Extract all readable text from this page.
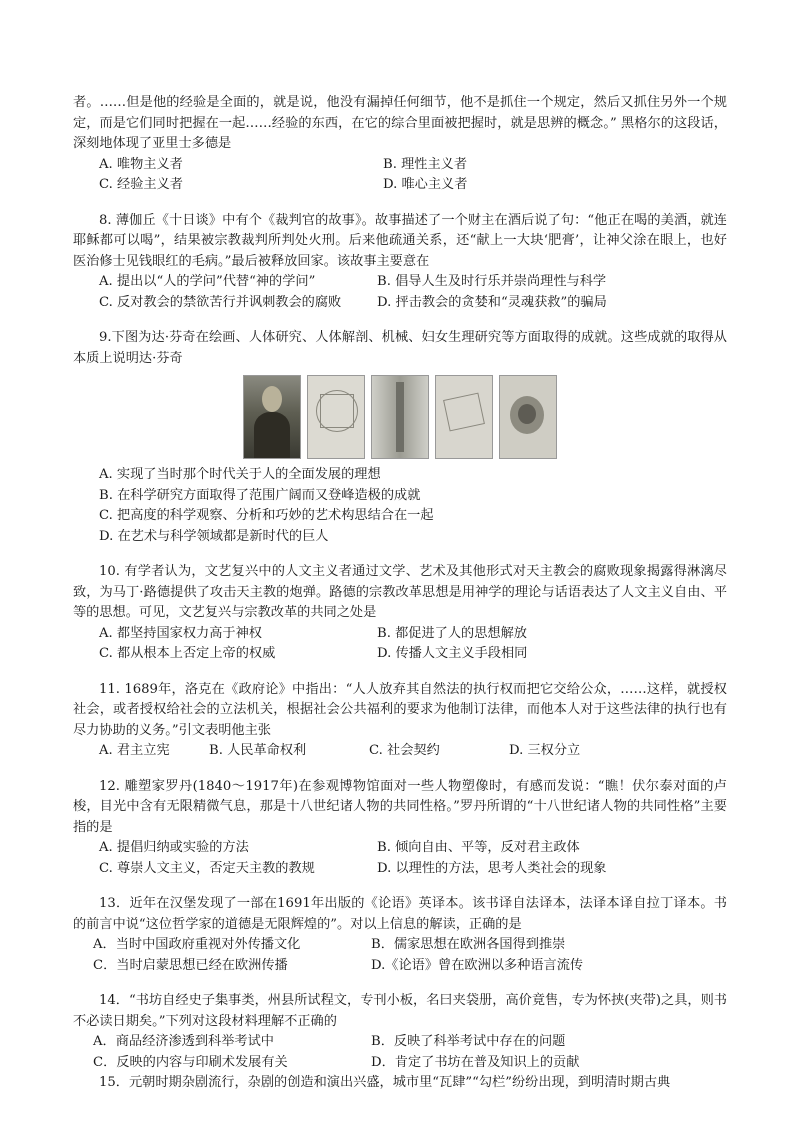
者。……但是他的经验是全面的，就是说，他没有漏掉任何细节，他不是抓住一个规定，然后又抓住另外一个规定，而是它们同时把握在一起……经验的东西，在它的综合里面被把握时，就是思辨的概念。” 黑格尔的这段话，深刻地体现了亚里士多德是

A. 唯物主义者	B. 理性主义者
C. 经验主义者	D. 唯心主义者

8. 薄伽丘《十日谈》中有个《裁判官的故事》。故事描述了一个财主在酒后说了句：“他正在喝的美酒，就连耶稣都可以喝”，结果被宗教裁判所判处火刑。后来他疏通关系，还“献上一大块‘肥膏’，让神父涂在眼上，也好医治修士见钱眼红的毛病。”最后被释放回家。该故事主要意在

A. 提出以“人的学问”代替“神的学问”	B. 倡导人生及时行乐并崇尚理性与科学
C. 反对教会的禁欲苦行并讽刺教会的腐败	D. 抨击教会的贪婪和“灵魂获救”的骗局

9.下图为达·芬奇在绘画、人体研究、人体解剖、机械、妇女生理研究等方面取得的成就。这些成就的取得从本质上说明达·芬奇

A. 实现了当时那个时代关于人的全面发展的理想
B. 在科学研究方面取得了范围广阔而又登峰造极的成就
C. 把高度的科学观察、分析和巧妙的艺术构思结合在一起
D. 在艺术与科学领域都是新时代的巨人

10. 有学者认为，文艺复兴中的人文主义者通过文学、艺术及其他形式对天主教会的腐败现象揭露得淋漓尽致，为马丁·路德提供了攻击天主教的炮弹。路德的宗教改革思想是用神学的理论与话语表达了人文主义自由、平等的思想。可见，文艺复兴与宗教改革的共同之处是

A. 都坚持国家权力高于神权	B. 都促进了人的思想解放
C. 都从根本上否定上帝的权威	D. 传播人文主义手段相同

11. 1689年，洛克在《政府论》中指出：“人人放弃其自然法的执行权而把它交给公众，……这样，就授权社会，或者授权给社会的立法机关，根据社会公共福利的要求为他制订法律，而他本人对于这些法律的执行也有尽力协助的义务。”引文表明他主张

A. 君主立宪	B. 人民革命权利	C. 社会契约	D. 三权分立

12. 雕塑家罗丹(1840～1917年)在参观博物馆面对一些人物塑像时，有感而发说：“瞧！伏尔泰对面的卢梭，目光中含有无限精微气息，那是十八世纪诸人物的共同性格。”罗丹所谓的“十八世纪诸人物的共同性格”主要指的是

A. 提倡归纳或实验的方法	B. 倾向自由、平等，反对君主政体
C. 尊崇人文主义，否定天主教的教规	D. 以理性的方法，思考人类社会的现象

13．近年在汉堡发现了一部在1691年出版的《论语》英译本。该书译自法译本，法译本译自拉丁译本。书的前言中说“这位哲学家的道德是无限辉煌的”。对以上信息的解读，正确的是

A．当时中国政府重视对外传播文化	B．儒家思想在欧洲各国得到推崇
C．当时启蒙思想已经在欧洲传播	D.《论语》曾在欧洲以多种语言流传

14．“书坊自经史子集事类，州县所试程文，专刊小板，名曰夹袋册，高价竟售，专为怀挟(夹带)之具，则书不必读日期矣。”下列对这段材料理解不正确的

A．商品经济渗透到科举考试中	B．反映了科举考试中存在的问题
C．反映的内容与印刷术发展有关	D．肯定了书坊在普及知识上的贡献

15．元朝时期杂剧流行，杂剧的创造和演出兴盛，城市里“瓦肆”“勾栏”纷纷出现，到明清时期古典
